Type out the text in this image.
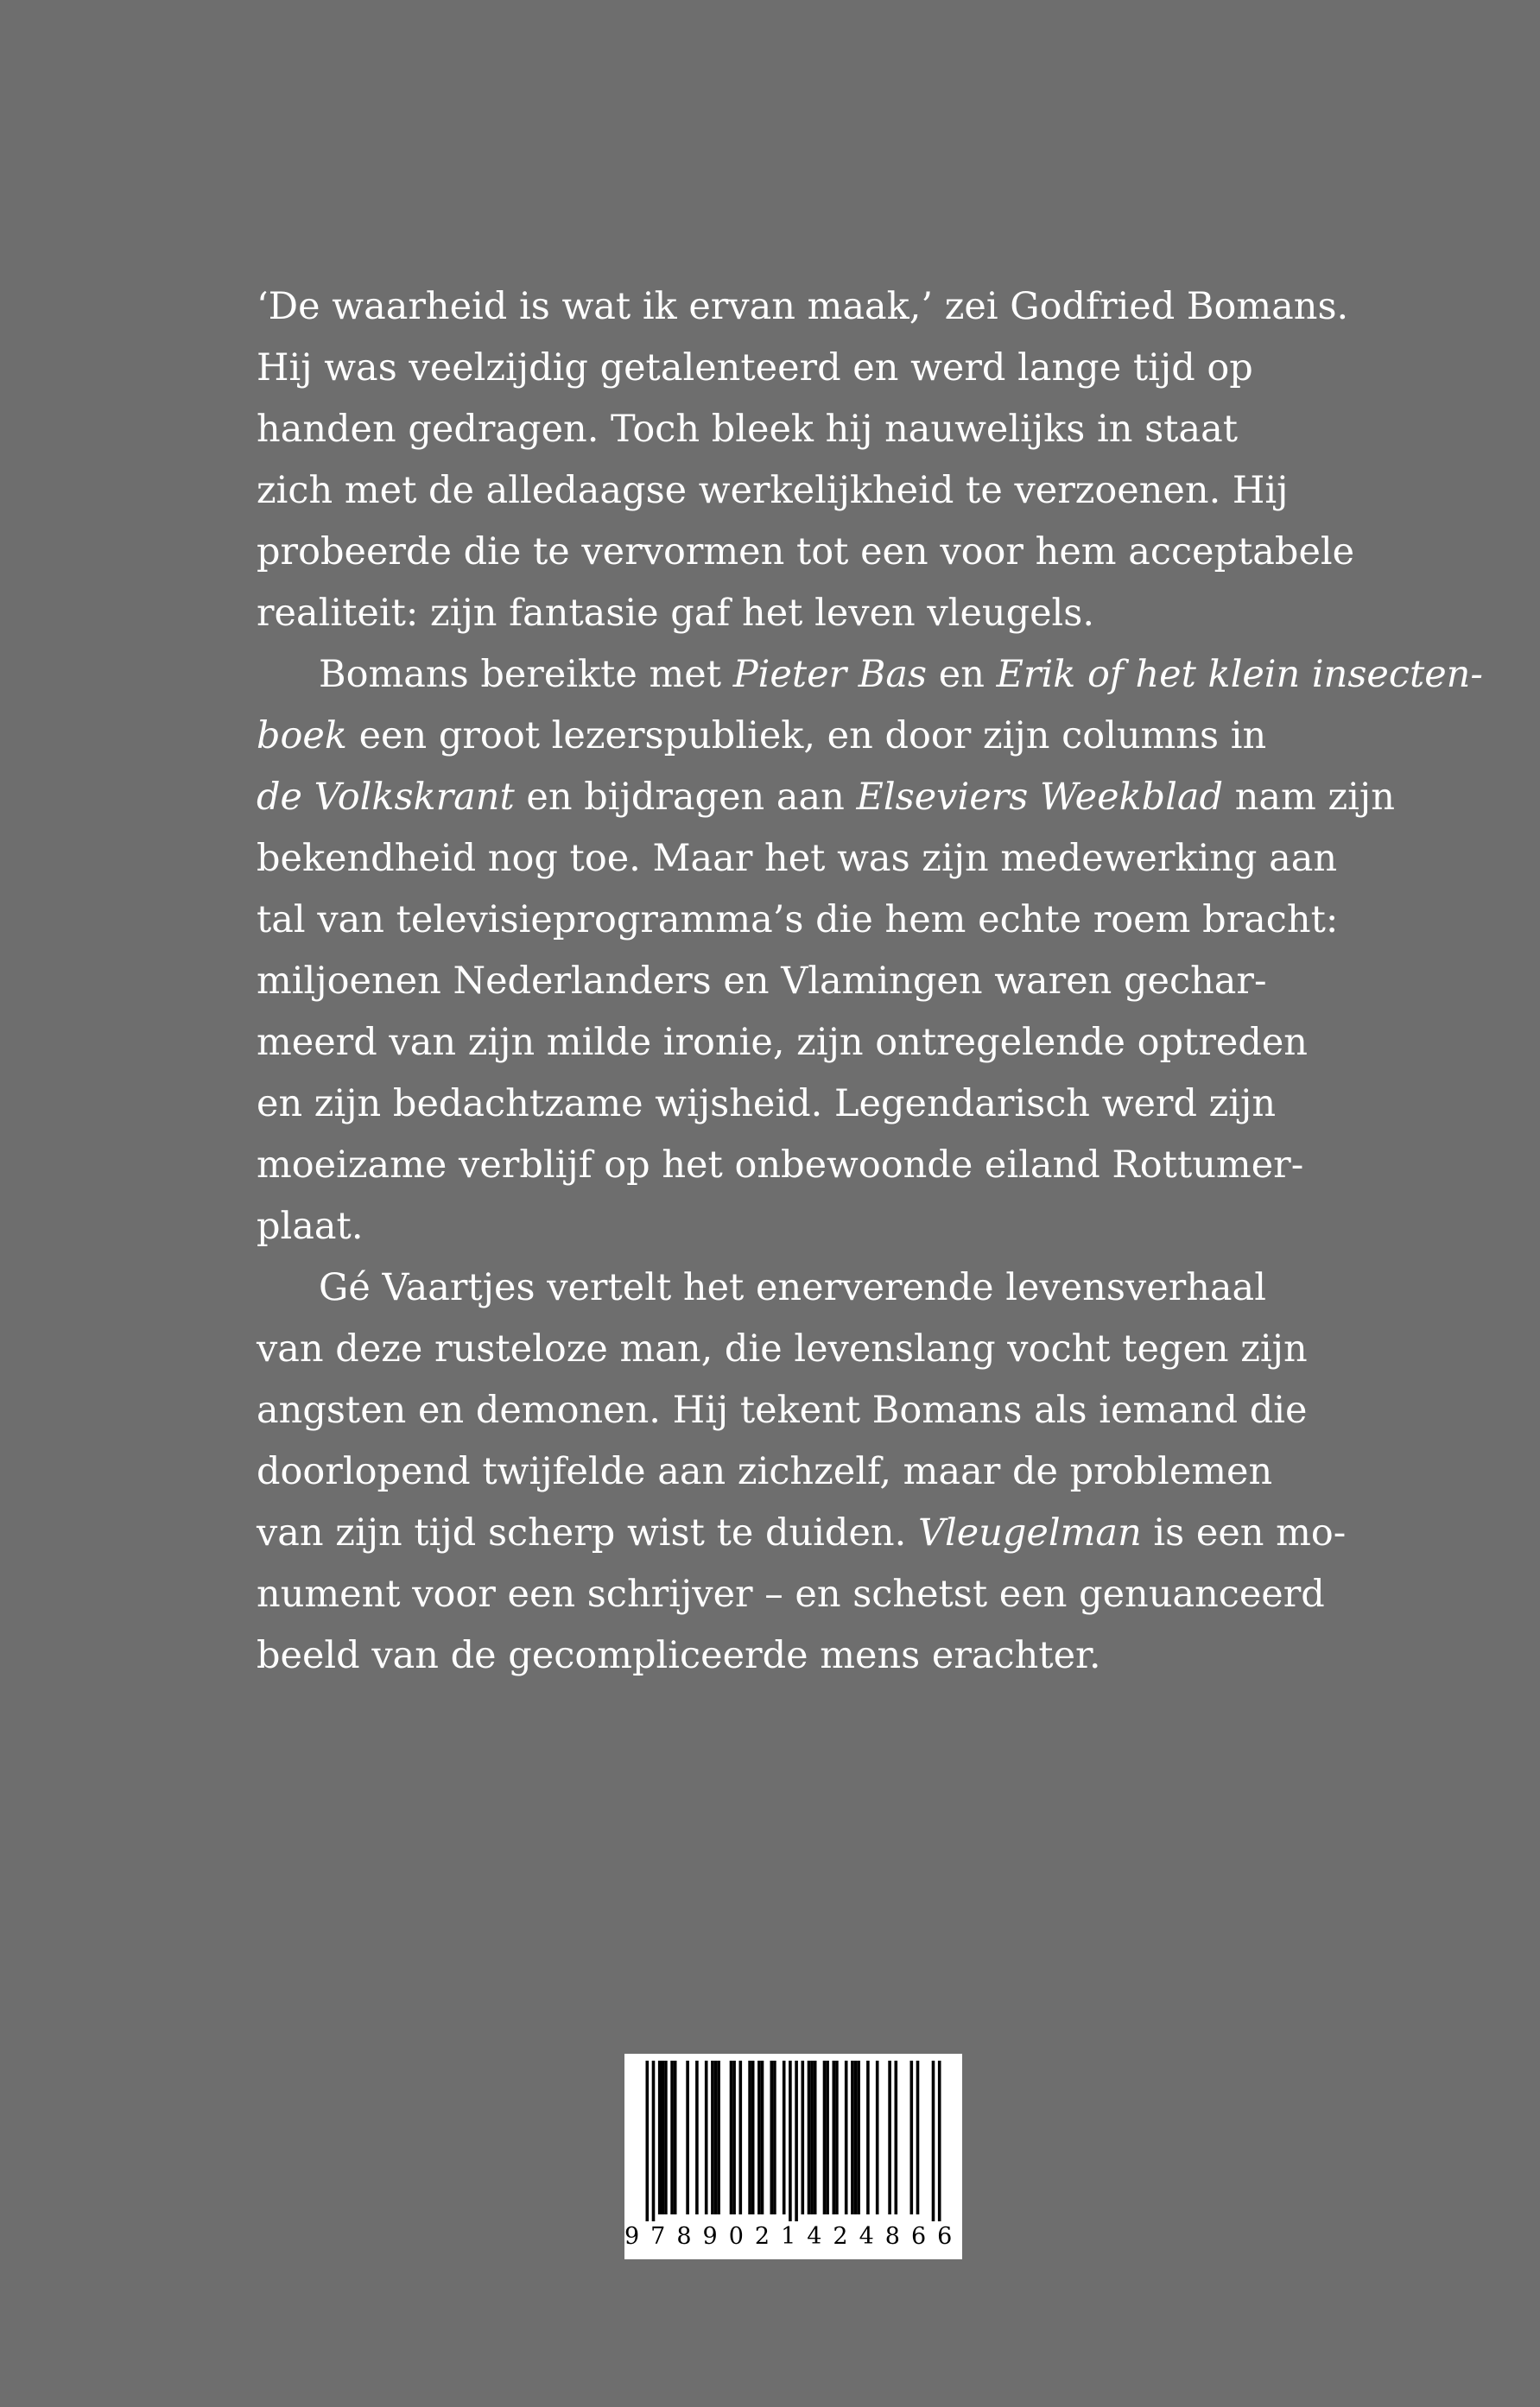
‘De waarheid is wat ik ervan maak,’ zei Godfried Bomans.
Hij was veelzijdig getalenteerd en werd lange tijd op
handen gedragen. Toch bleek hij nauwelijks in staat
zich met de alledaagse werkelijkheid te verzoenen. Hij
probeerde die te vervormen tot een voor hem acceptabele
realiteit: zijn fantasie gaf het leven vleugels.
Bomans bereikte met Pieter Bas en Erik of het klein insecten-
boek een groot lezerspubliek, en door zijn columns in
de Volkskrant en bijdragen aan Elseviers Weekblad nam zijn
bekendheid nog toe. Maar het was zijn medewerking aan
tal van televisieprogramma’s die hem echte roem bracht:
miljoenen Nederlanders en Vlamingen waren gechar-
meerd van zijn milde ironie, zijn ontregelende optreden
en zijn bedachtzame wijsheid. Legendarisch werd zijn
moeizame verblijf op het onbewoonde eiland Rottumer-
plaat.
Gé Vaartjes vertelt het enerverende levensverhaal
van deze rusteloze man, die levenslang vocht tegen zijn
angsten en demonen. Hij tekent Bomans als iemand die
doorlopend twijfelde aan zichzelf, maar de problemen
van zijn tijd scherp wist te duiden. Vleugelman is een mo-
nument voor een schrijver – en schetst een genuanceerd
beeld van de gecompliceerde mens erachter.
9789021424866
